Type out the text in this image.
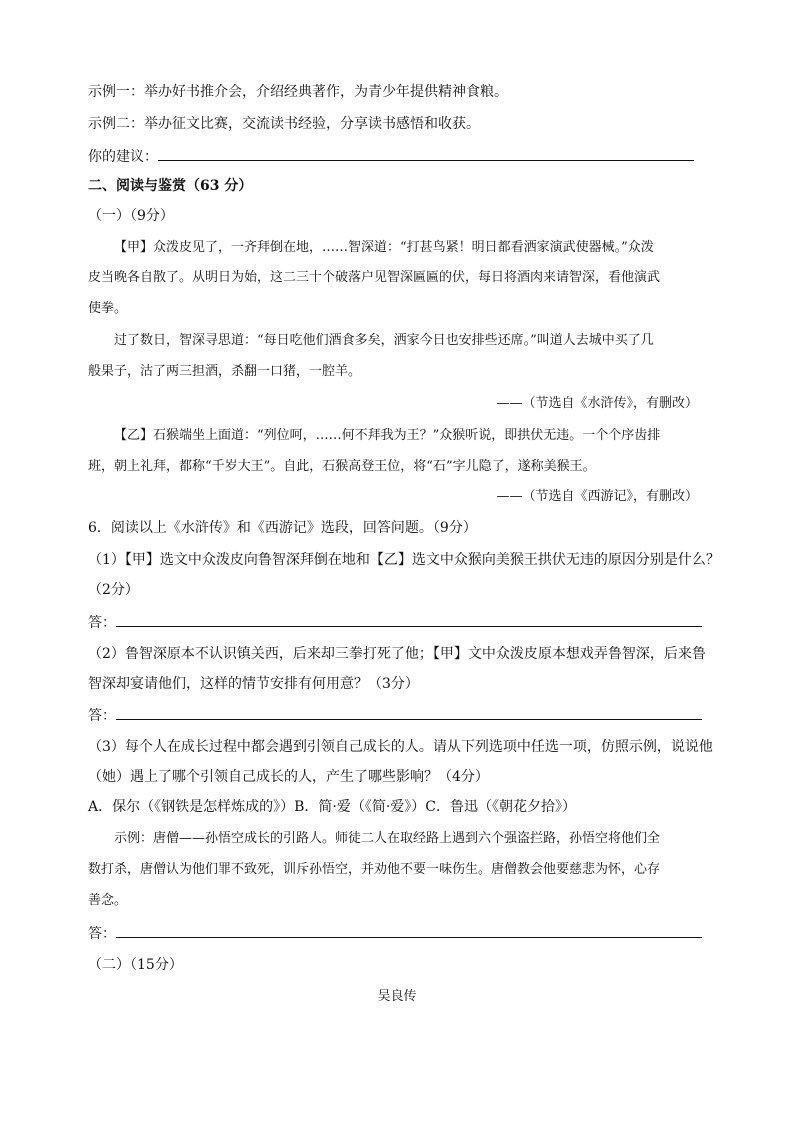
示例一：举办好书推介会，介绍经典著作，为青少年提供精神食粮。
示例二：举办征文比赛，交流读书经验，分享读书感悟和收获。
你的建议：
二、阅读与鉴赏（63 分）
（一）（9分）
【甲】众泼皮见了，一齐拜倒在地，……智深道：“打甚鸟紧！明日都看洒家演武使器械。”众泼
皮当晚各自散了。从明日为始，这二三十个破落户见智深匾匾的伏，每日将酒肉来请智深，看他演武
使拳。
过了数日，智深寻思道：“每日吃他们酒食多矣，洒家今日也安排些还席。”叫道人去城中买了几
般果子，沽了两三担酒，杀翻一口猪，一腔羊。
——（节选自《水浒传》，有删改）
【乙】石猴端坐上面道：“列位呵，……何不拜我为王？”众猴听说，即拱伏无违。一个个序齿排
班，朝上礼拜，都称“千岁大王”。自此，石猴高登王位，将“石”字儿隐了，遂称美猴王。
——（节选自《西游记》，有删改）
6．阅读以上《水浒传》和《西游记》选段，回答问题。（9分）
（1）【甲】选文中众泼皮向鲁智深拜倒在地和【乙】选文中众猴向美猴王拱伏无违的原因分别是什么？
（2分）
答：
（2）鲁智深原本不认识镇关西，后来却三拳打死了他；【甲】文中众泼皮原本想戏弄鲁智深，后来鲁
智深却宴请他们，这样的情节安排有何用意？（3分）
答：
（3）每个人在成长过程中都会遇到引领自己成长的人。请从下列选项中任选一项，仿照示例，说说他
（她）遇上了哪个引领自己成长的人，产生了哪些影响？（4分）
A．保尔（《钢铁是怎样炼成的》）B．简·爱（《简·爱》）C．鲁迅（《朝花夕拾》）
示例：唐僧——孙悟空成长的引路人。师徒二人在取经路上遇到六个强盗拦路，孙悟空将他们全
数打杀，唐僧认为他们罪不致死，训斥孙悟空，并劝他不要一味伤生。唐僧教会他要慈悲为怀，心存
善念。
答：
（二）（15分）
吴良传
